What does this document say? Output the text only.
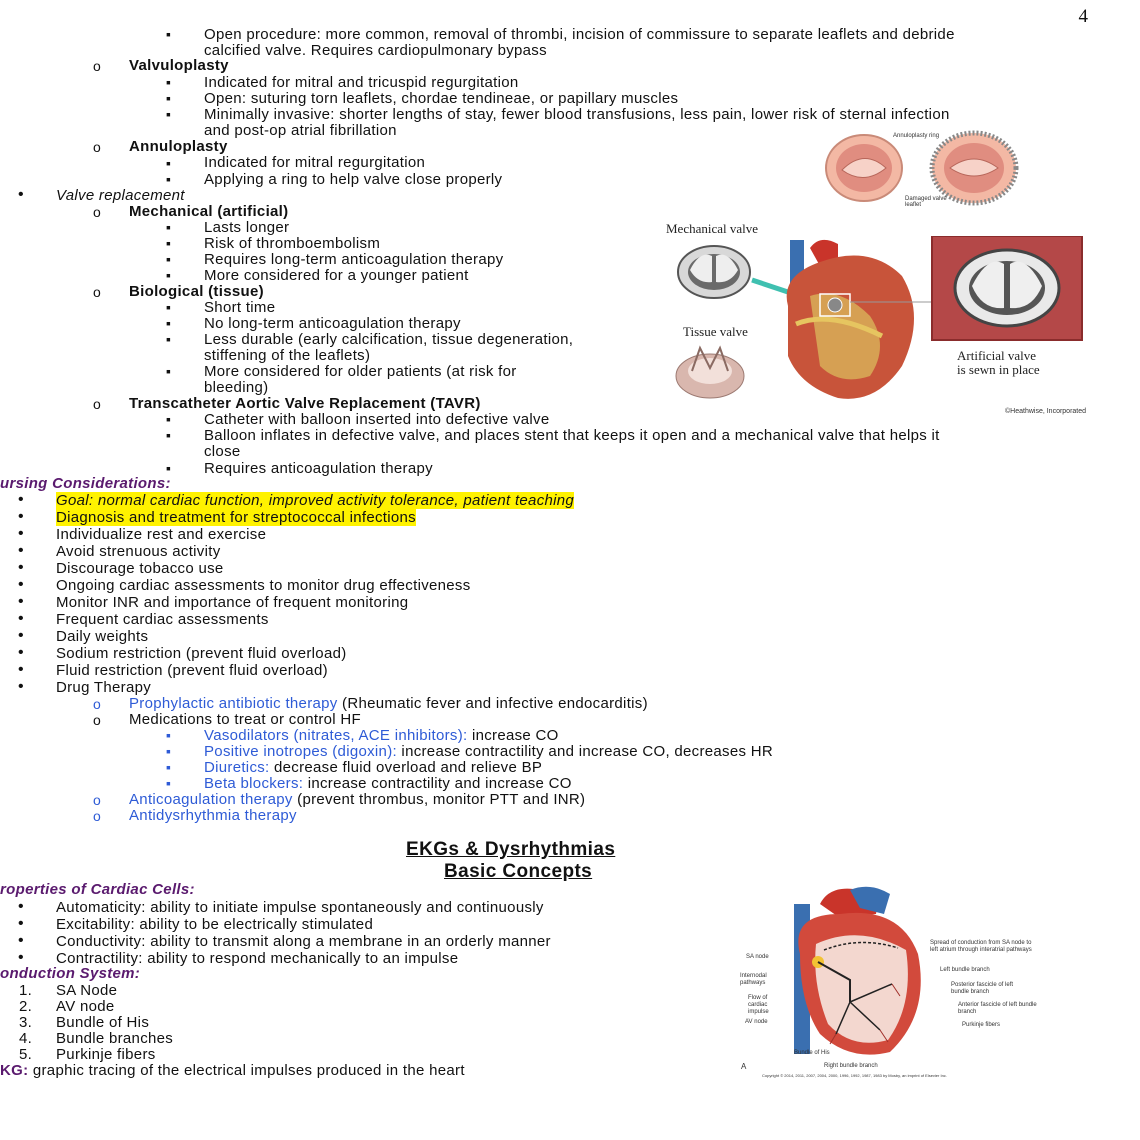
4
▪
Open procedure: more common, removal of thrombi, incision of commissure to separate leaflets and debride
calcified valve. Requires cardiopulmonary bypass
o Valvuloplasty
▪
Indicated for mitral and tricuspid regurgitation
▪
Open: suturing torn leaflets, chordae tendineae, or papillary muscles
▪
Minimally invasive: shorter lengths of stay, fewer blood transfusions, less pain, lower risk of sternal infection
and post-op atrial fibrillation
o Annuloplasty
▪
Indicated for mitral regurgitation
▪
Applying a ring to help valve close properly
• Valve replacement
o Mechanical (artificial)
▪
Lasts longer
▪
Risk of thromboembolism
▪
Requires long-term anticoagulation therapy
▪
More considered for a younger patient
o Biological (tissue)
▪
Short time
▪
No long-term anticoagulation therapy
▪
Less durable (early calcification, tissue degeneration,
stiffening of the leaflets)
▪
More considered for older patients (at risk for
bleeding)
o Transcatheter Aortic Valve Replacement (TAVR)
▪
Catheter with balloon inserted into defective valve
▪
Balloon inflates in defective valve, and places stent that keeps it open and a mechanical valve that helps it
close
▪
Requires anticoagulation therapy
Annuloplasty ring
Damaged valve leaflet
Mechanical valve
Tissue valve
Artificial valve
is sewn in place
©Heathwise, Incorporated
ursing Considerations:
• Goal: normal cardiac function, improved activity tolerance, patient teaching
• Diagnosis and treatment for streptococcal infections
• Individualize rest and exercise
• Avoid strenuous activity
• Discourage tobacco use
• Ongoing cardiac assessments to monitor drug effectiveness
• Monitor INR and importance of frequent monitoring
• Frequent cardiac assessments
• Daily weights
• Sodium restriction (prevent fluid overload)
• Fluid restriction (prevent fluid overload)
• Drug Therapy
o Prophylactic antibiotic therapy (Rheumatic fever and infective endocarditis)
o Medications to treat or control HF
▪
Vasodilators (nitrates, ACE inhibitors): increase CO
▪
Positive inotropes (digoxin): increase contractility and increase CO, decreases HR
▪
Diuretics: decrease fluid overload and relieve BP
▪
Beta blockers: increase contractility and increase CO
o Anticoagulation therapy (prevent thrombus, monitor PTT and INR)
o Antidysrhythmia therapy
EKGs & Dysrhythmias
Basic Concepts
roperties of Cardiac Cells:
• Automaticity: ability to initiate impulse spontaneously and continuously
• Excitability: ability to be electrically stimulated
• Conductivity: ability to transmit along a membrane in an orderly manner
• Contractility: ability to respond mechanically to an impulse
onduction System:
1. SA Node
2. AV node
3. Bundle of His
4. Bundle branches
5. Purkinje fibers
KG: graphic tracing of the electrical impulses produced in the heart
SA node
Internodal pathways
Flow of cardiac impulse
AV node
Bundle of His
Right bundle branch
Spread of conduction from SA node to left atrium through interatrial pathways
Left bundle branch
Posterior fascicle of left bundle branch
Anterior fascicle of left bundle branch
Purkinje fibers
A
Copyright © 2014, 2011, 2007, 2004, 2000, 1996, 1992, 1987, 1983 by Mosby, an imprint of Elsevier Inc.
